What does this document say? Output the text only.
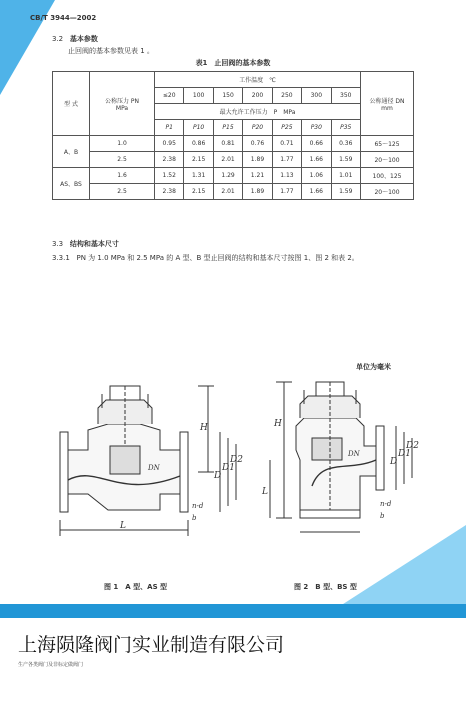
CB/T 3944—2002
3.2 基本参数
止回阀的基本参数见表 1 。
表1　止回阀的基本参数
型 式	公称压力 PN
MPa	工作温度　℃							公称通径 DN
mm
		≤20	100	150	200	250	300	350	
		最大允许工作压力　P　MPa							
		P1	P10	P15	P20	P25	P30	P35	
A、B	1.0	0.95	0.86	0.81	0.76	0.71	0.66	0.36	65～125
	2.5	2.38	2.15	2.01	1.89	1.77	1.66	1.59	20～100
AS、BS	1.6	1.52	1.31	1.29	1.21	1.13	1.06	1.01	100、125
	2.5	2.38	2.15	2.01	1.89	1.77	1.66	1.59	20～100
3.3 结构和基本尺寸
3.3.1 PN 为 1.0 MPa 和 2.5 MPa 的 A 型、B 型止回阀的结构和基本尺寸按图 1、图 2 和表 2。
单位为毫米
L
H
D
D1
D2
DN
n-d
b
H
L
D
D1
D2
DN
n-d
b
图 1　A 型、AS 型	图 2　B 型、BS 型
上海陨隆阀门实业制造有限公司
生产各类阀门及非标定做阀门
